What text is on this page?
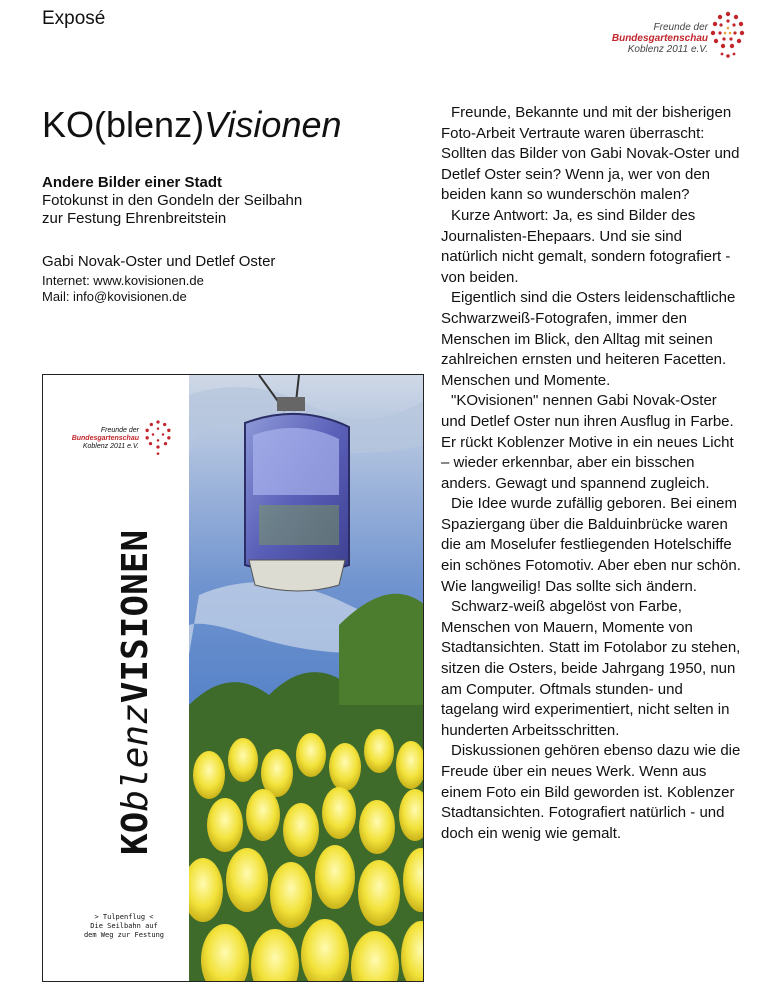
Exposé	Freunde der
Bundesgartenschau
Koblenz 2011 e.V.
KO(blenz)Visionen
Andere Bilder einer Stadt
Fotokunst in den Gondeln der Seilbahn
zur Festung Ehrenbreitstein
Gabi Novak-Oster und Detlef Oster
Internet: www.kovisionen.de
Mail: info@kovisionen.de
Freunde der
Bundesgartenschau
Koblenz 2011 e.V.
KOblenzVISIONEN
> Tulpenflug <
Die Seilbahn auf
dem Weg zur Festung

Freunde, Bekannte und mit der bisherigen Foto-Arbeit Vertraute waren überrascht: Sollten das Bilder von Gabi Novak-Oster und Detlef Oster sein? Wenn ja, wer von den beiden kann so wunderschön malen?

Kurze Antwort: Ja, es sind Bilder des Journalisten-Ehepaars. Und sie sind natürlich nicht gemalt, sondern fotografiert - von beiden.

Eigentlich sind die Osters leidenschaftliche Schwarzweiß-Fotografen, immer den Menschen im Blick, den Alltag mit seinen zahlreichen ernsten und heiteren Facetten. Menschen und Momente.

"KOvisionen" nennen Gabi Novak-Oster und Detlef Oster nun ihren Ausflug in Farbe. Er rückt Koblenzer Motive in ein neues Licht – wieder erkennbar, aber ein bisschen anders. Gewagt und spannend zugleich.

Die Idee wurde zufällig geboren. Bei einem Spaziergang über die Balduinbrücke waren die am Moselufer festliegenden Hotelschiffe ein schönes Fotomotiv. Aber eben nur schön. Wie langweilig! Das sollte sich ändern.

Schwarz-weiß abgelöst von Farbe, Menschen von Mauern, Momente von Stadtansichten. Statt im Fotolabor zu stehen, sitzen die Osters, beide Jahrgang 1950, nun am Computer. Oftmals stunden- und tagelang wird experimentiert, nicht selten in hunderten Arbeitsschritten.

Diskussionen gehören ebenso dazu wie die Freude über ein neues Werk. Wenn aus einem Foto ein Bild geworden ist. Koblenzer Stadtansichten. Fotografiert natürlich - und doch ein wenig wie gemalt.
